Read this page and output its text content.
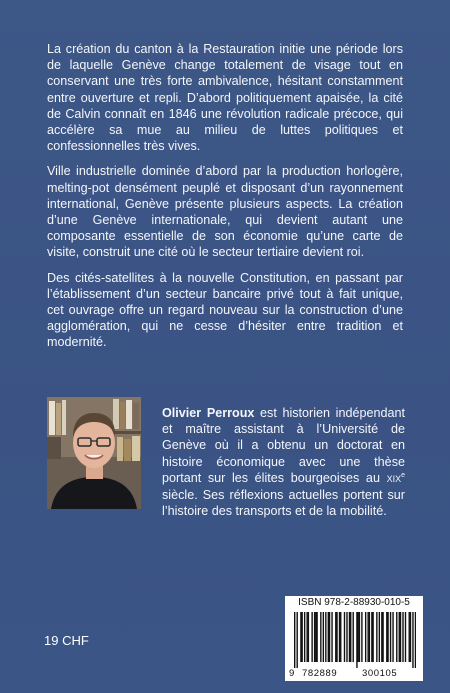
La création du canton à la Restauration initie une période lors de laquelle Genève change totalement de visage tout en conservant une très forte ambivalence, hésitant constamment entre ouverture et repli. D’abord politiquement apaisée, la cité de Calvin connaît en 1846 une révolution radicale précoce, qui accélère sa mue au milieu de luttes politiques et confessionnelles très vives.

Ville industrielle dominée d’abord par la production horlogère, melting-pot densément peuplé et disposant d’un rayonnement international, Genève présente plusieurs aspects. La création d’une Genève internationale, qui devient autant une composante essentielle de son économie qu’une carte de visite, construit une cité où le secteur tertiaire devient roi.

Des cités-satellites à la nouvelle Constitution, en passant par l’établissement d’un secteur bancaire privé tout à fait unique, cet ouvrage offre un regard nouveau sur la construction d’une agglomération, qui ne cesse d’hésiter entre tradition et modernité.

Olivier Perroux est historien indépendant et maître assistant à l’Université de Genève où il a obtenu un doctorat en histoire économique avec une thèse portant sur les élites bourgeoises au XIXe siècle. Ses réflexions actuelles portent sur l’histoire des transports et de la mobilité.
19 CHF
ISBN 978-2-88930-010-5
9 782889	300105
